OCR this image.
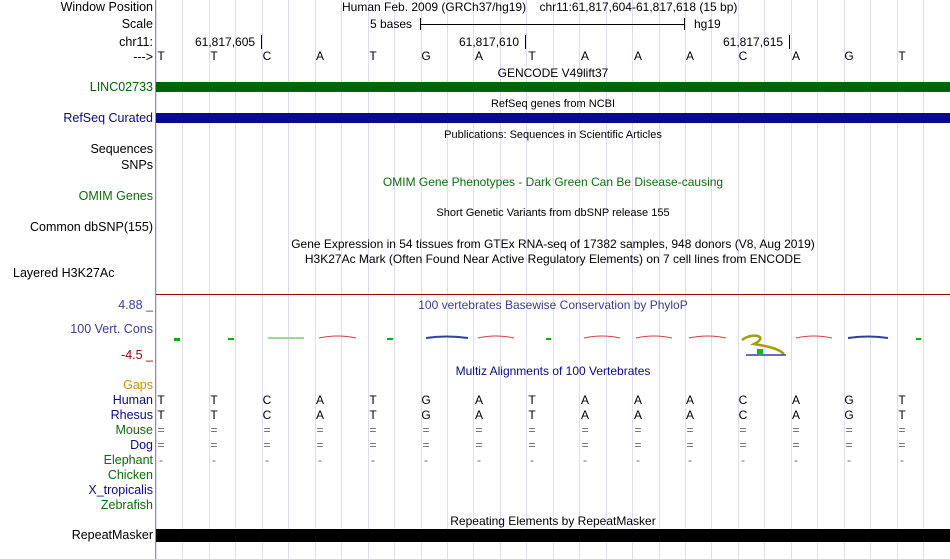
Window Position	Human Feb. 2009 (GRCh37/hg19) chr11:61,817,604-61,817,618 (15 bp)
Scale	5 bases	hg19
chr11:	61,817,605	61,817,610	61,817,615
---> T	T	C	A	T	G	A	T	A	A	A	C	A	G	T
GENCODE V49lift37
LINC02733
RefSeq genes from NCBI
RefSeq Curated
Publications: Sequences in Scientific Articles
Sequences
SNPs
OMIM Gene Phenotypes - Dark Green Can Be Disease-causing
OMIM Genes
Short Genetic Variants from dbSNP release 155
Common dbSNP(155)
Gene Expression in 54 tissues from GTEx RNA-seq of 17382 samples, 948 donors (V8, Aug 2019)
H3K27Ac Mark (Often Found Near Active Regulatory Elements) on 7 cell lines from ENCODE
Layered H3K27Ac
100 vertebrates Basewise Conservation by PhyloP
4.88 _
100 Vert. Cons
-4.5 _
Multiz Alignments of 100 Vertebrates
Gaps
Human T	T	C	A	T	G	A	T	A	A	A	C	A	G	T
Rhesus T	T	C	A	T	G	A	T	A	A	A	C	A	G	T
Mouse =	=	=	=	=	=	=	=	=	=	=	=	=	=	=
Dog =	=	=	=	=	=	=	=	=	=	=	=	=	=	=
Elephant -	-	-	-	-	-	-	-	-	-	-	-	-	-	-
Chicken
X_tropicalis
Zebrafish
Repeating Elements by RepeatMasker
RepeatMasker
